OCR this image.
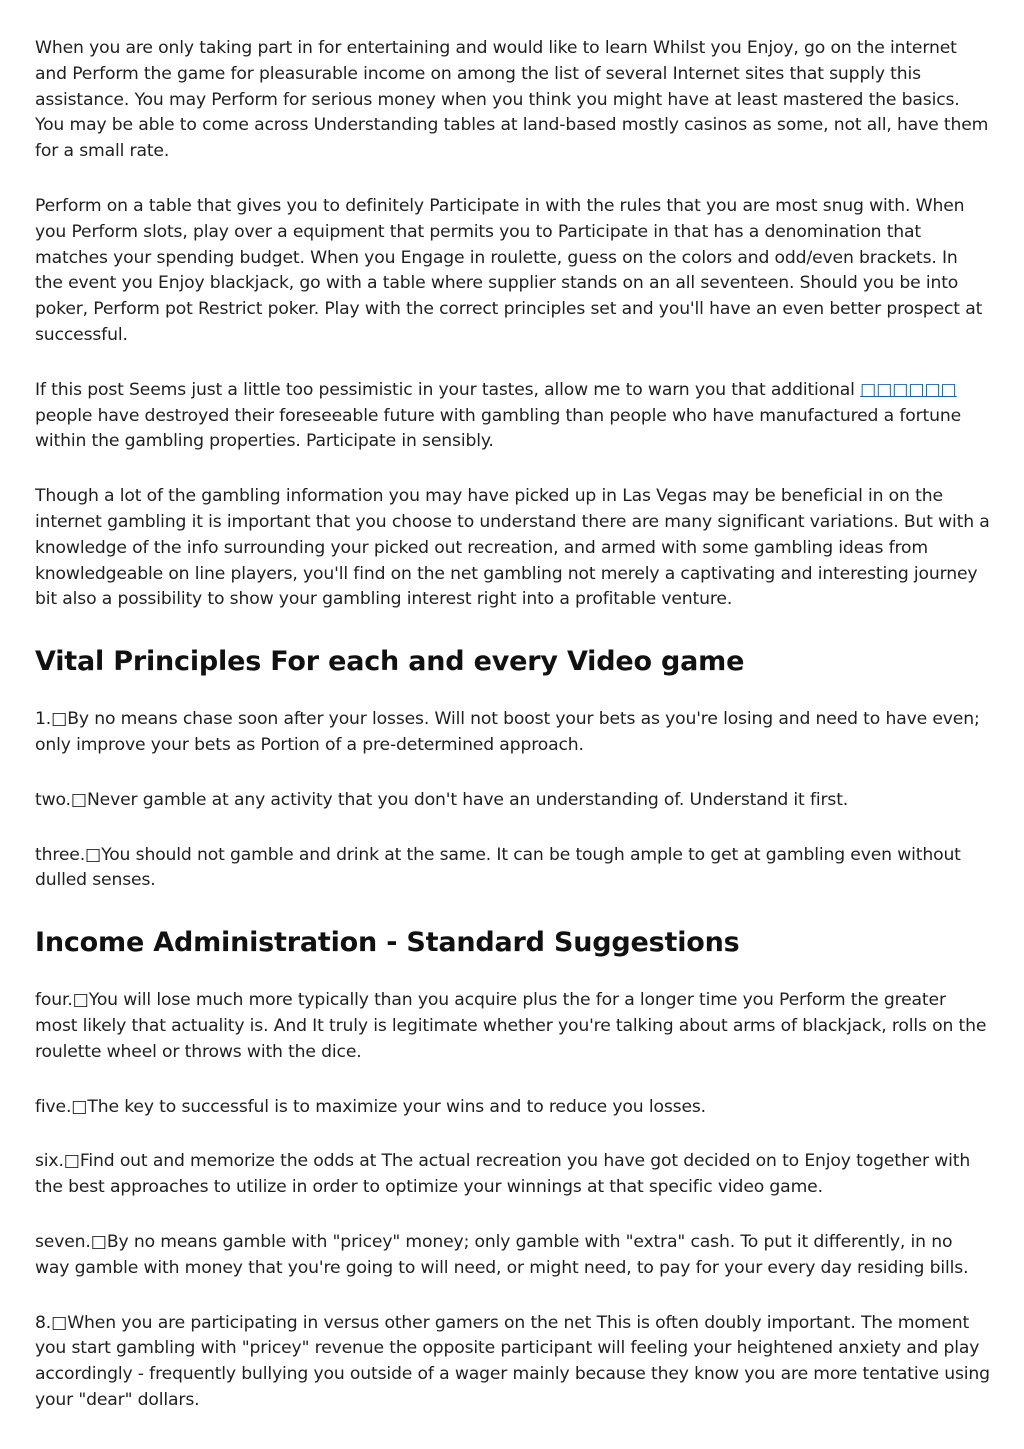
When you are only taking part in for entertaining and would like to learn Whilst you Enjoy, go on the internet and Perform the game for pleasurable income on among the list of several Internet sites that supply this assistance. You may Perform for serious money when you think you might have at least mastered the basics. You may be able to come across Understanding tables at land-based mostly casinos as some, not all, have them for a small rate.

Perform on a table that gives you to definitely Participate in with the rules that you are most snug with. When you Perform slots, play over a equipment that permits you to Participate in that has a denomination that matches your spending budget. When you Engage in roulette, guess on the colors and odd/even brackets. In the event you Enjoy blackjack, go with a table where supplier stands on an all seventeen. Should you be into poker, Perform pot Restrict poker. Play with the correct principles set and you'll have an even better prospect at successful.

If this post Seems just a little too pessimistic in your tastes, allow me to warn you that additional □□□□□□ people have destroyed their foreseeable future with gambling than people who have manufactured a fortune within the gambling properties. Participate in sensibly.

Though a lot of the gambling information you may have picked up in Las Vegas may be beneficial in on the internet gambling it is important that you choose to understand there are many significant variations. But with a knowledge of the info surrounding your picked out recreation, and armed with some gambling ideas from knowledgeable on line players, you'll find on the net gambling not merely a captivating and interesting journey bit also a possibility to show your gambling interest right into a profitable venture.

Vital Principles For each and every Video game

1.□By no means chase soon after your losses. Will not boost your bets as you're losing and need to have even; only improve your bets as Portion of a pre-determined approach.

two.□Never gamble at any activity that you don't have an understanding of. Understand it first.

three.□You should not gamble and drink at the same. It can be tough ample to get at gambling even without dulled senses.

Income Administration - Standard Suggestions

four.□You will lose much more typically than you acquire plus the for a longer time you Perform the greater most likely that actuality is. And It truly is legitimate whether you're talking about arms of blackjack, rolls on the roulette wheel or throws with the dice.

five.□The key to successful is to maximize your wins and to reduce you losses.

six.□Find out and memorize the odds at The actual recreation you have got decided on to Enjoy together with the best approaches to utilize in order to optimize your winnings at that specific video game.

seven.□By no means gamble with "pricey" money; only gamble with "extra" cash. To put it differently, in no way gamble with money that you're going to will need, or might need, to pay for your every day residing bills.

8.□When you are participating in versus other gamers on the net This is often doubly important. The moment you start gambling with "pricey" revenue the opposite participant will feeling your heightened anxiety and play accordingly - frequently bullying you outside of a wager mainly because they know you are more tentative using your "dear" dollars.
